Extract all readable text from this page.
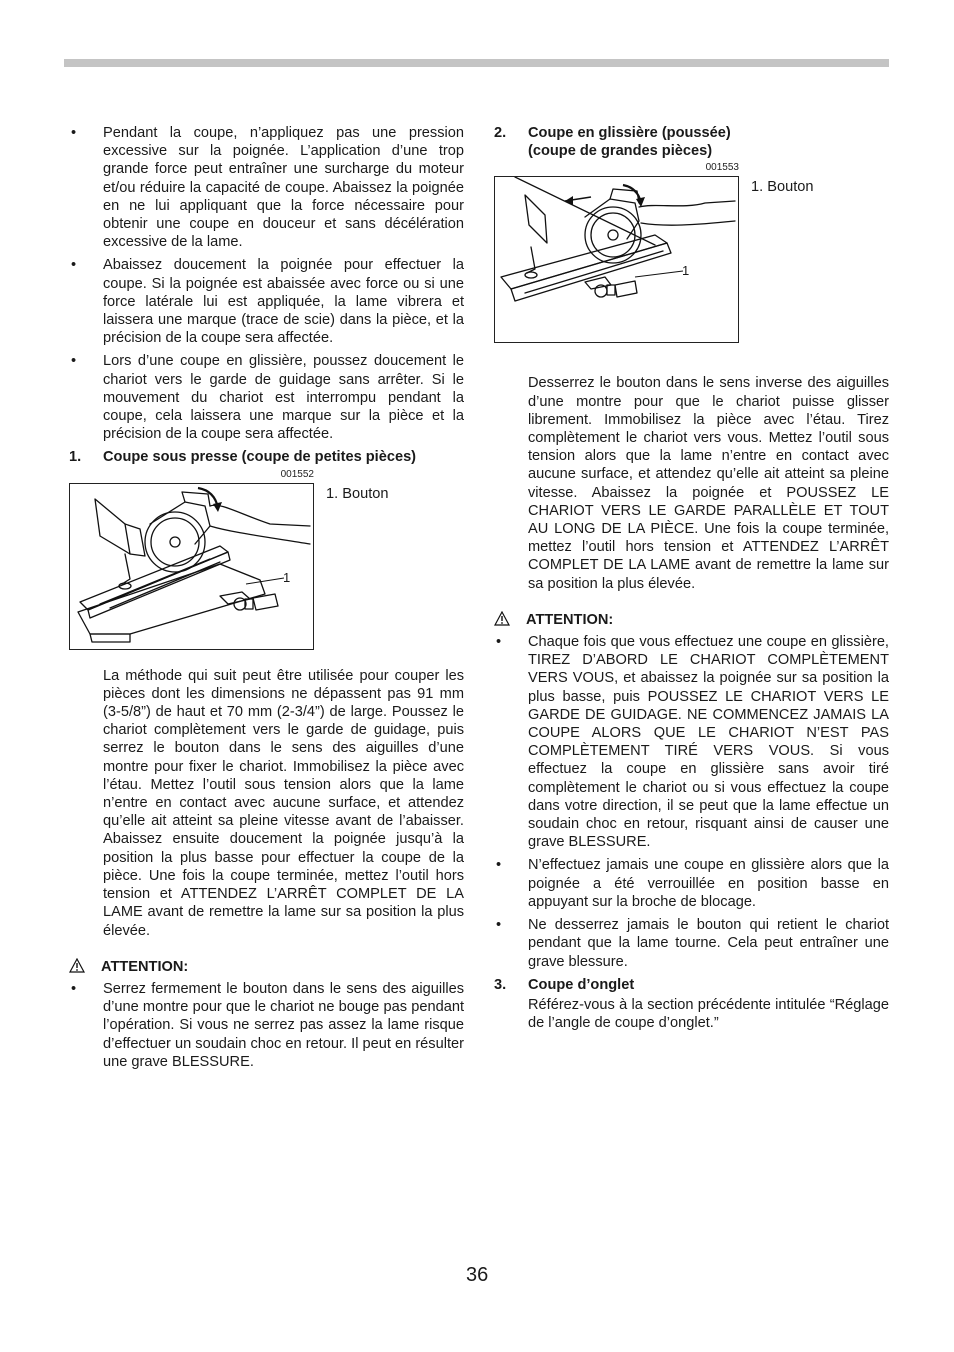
• Pendant la coupe, n’appliquez pas une pression excessive sur la poignée. L’application d’une trop grande force peut entraîner une surcharge du moteur et/ou réduire la capacité de coupe. Abaissez la poignée en ne lui appliquant que la force nécessaire pour obtenir une coupe en douceur et sans décélération excessive de la lame.
• Abaissez doucement la poignée pour effectuer la coupe. Si la poignée est abaissée avec force ou si une force latérale lui est appliquée, la lame vibrera et laissera une marque (trace de scie) dans la pièce, et la précision de la coupe sera affectée.
• Lors d’une coupe en glissière, poussez doucement le chariot vers le garde de guidage sans arrêter. Si le mouvement du chariot est interrompu pendant la coupe, cela laissera une marque sur la pièce et la précision de la coupe sera affectée.
1. Coupe sous presse (coupe de petites pièces)
001552
1. Bouton
1
La méthode qui suit peut être utilisée pour couper les pièces dont les dimensions ne dépassent pas 91 mm (3-5/8”) de haut et 70 mm (2-3/4”) de large. Poussez le chariot complètement vers le garde de guidage, puis serrez le bouton dans le sens des aiguilles d’une montre pour fixer le chariot. Immobilisez la pièce avec l’étau. Mettez l’outil sous tension alors que la lame n’entre en contact avec aucune surface, et attendez qu’elle ait atteint sa pleine vitesse avant de l’abaisser. Abaissez ensuite doucement la poignée jusqu’à la position la plus basse pour effectuer la coupe de la pièce. Une fois la coupe terminée, mettez l’outil hors tension et ATTENDEZ L’ARRÊT COMPLET DE LA LAME avant de remettre la lame sur sa position la plus élevée.
ATTENTION:
• Serrez fermement le bouton dans le sens des aiguilles d’une montre pour que le chariot ne bouge pas pendant l’opération. Si vous ne serrez pas assez la lame risque d’effectuer un soudain choc en retour. Il peut en résulter une grave BLESSURE.
2. Coupe en glissière (poussée)
(coupe de grandes pièces)
001553
1. Bouton
1
Desserrez le bouton dans le sens inverse des aiguilles d’une montre pour que le chariot puisse glisser librement. Immobilisez la pièce avec l’étau. Tirez complètement le chariot vers vous. Mettez l’outil sous tension alors que la lame n’entre en contact avec aucune surface, et attendez qu’elle ait atteint sa pleine vitesse. Abaissez la poignée et POUSSEZ LE CHARIOT VERS LE GARDE PARALLÈLE ET TOUT AU LONG DE LA PIÈCE. Une fois la coupe terminée, mettez l’outil hors tension et ATTENDEZ L’ARRÊT COMPLET DE LA LAME avant de remettre la lame sur sa position la plus élevée.
ATTENTION:
• Chaque fois que vous effectuez une coupe en glissière, TIREZ D’ABORD LE CHARIOT COMPLÈTEMENT VERS VOUS, et abaissez la poignée sur sa position la plus basse, puis POUSSEZ LE CHARIOT VERS LE GARDE DE GUIDAGE. NE COMMENCEZ JAMAIS LA COUPE ALORS QUE LE CHARIOT N’EST PAS COMPLÈTEMENT TIRÉ VERS VOUS. Si vous effectuez la coupe en glissière sans avoir tiré complètement le chariot ou si vous effectuez la coupe dans votre direction, il se peut que la lame effectue un soudain choc en retour, risquant ainsi de causer une grave BLESSURE.
• N’effectuez jamais une coupe en glissière alors que la poignée a été verrouillée en position basse en appuyant sur la broche de blocage.
• Ne desserrez jamais le bouton qui retient le chariot pendant que la lame tourne. Cela peut entraîner une grave blessure.
3. Coupe d’onglet
Référez-vous à la section précédente intitulée “Réglage de l’angle de coupe d’onglet.”
36
